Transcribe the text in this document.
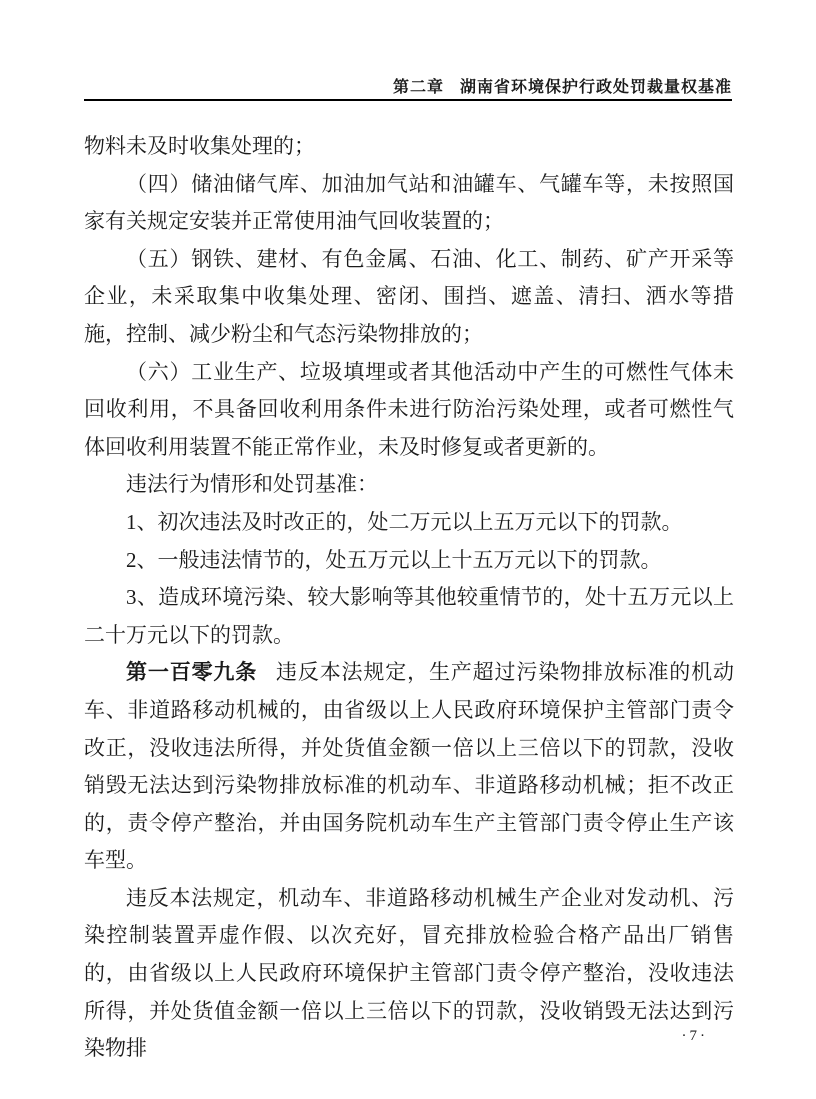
第二章 湖南省环境保护行政处罚裁量权基准

物料未及时收集处理的；

（四）储油储气库、加油加气站和油罐车、气罐车等，未按照国家有关规定安装并正常使用油气回收装置的；

（五）钢铁、建材、有色金属、石油、化工、制药、矿产开采等企业，未采取集中收集处理、密闭、围挡、遮盖、清扫、洒水等措施，控制、减少粉尘和气态污染物排放的；

（六）工业生产、垃圾填埋或者其他活动中产生的可燃性气体未回收利用，不具备回收利用条件未进行防治污染处理，或者可燃性气体回收利用装置不能正常作业，未及时修复或者更新的。

违法行为情形和处罚基准：

1、初次违法及时改正的，处二万元以上五万元以下的罚款。

2、一般违法情节的，处五万元以上十五万元以下的罚款。

3、造成环境污染、较大影响等其他较重情节的，处十五万元以上二十万元以下的罚款。

第一百零九条 违反本法规定，生产超过污染物排放标准的机动车、非道路移动机械的，由省级以上人民政府环境保护主管部门责令改正，没收违法所得，并处货值金额一倍以上三倍以下的罚款，没收销毁无法达到污染物排放标准的机动车、非道路移动机械；拒不改正的，责令停产整治，并由国务院机动车生产主管部门责令停止生产该车型。

违反本法规定，机动车、非道路移动机械生产企业对发动机、污染控制装置弄虚作假、以次充好，冒充排放检验合格产品出厂销售的，由省级以上人民政府环境保护主管部门责令停产整治，没收违法所得，并处货值金额一倍以上三倍以下的罚款，没收销毁无法达到污染物排

·7·
